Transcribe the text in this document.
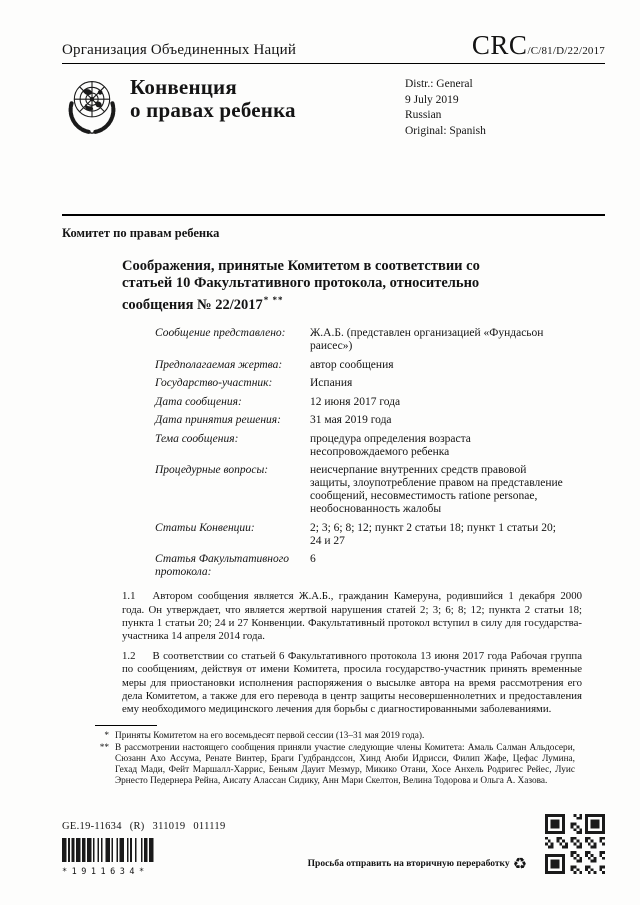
Организация Объединенных Наций	CRC/C/81/D/22/2017
Конвенция
о правах ребенка
Distr.: General
9 July 2019
Russian
Original: Spanish
Комитет по правам ребенка
Соображения, принятые Комитетом в соответствии со статьей 10 Факультативного протокола, относительно сообщения № 22/2017* **
Сообщение представлено:	Ж.А.Б. (представлен организацией «Фундасьон раисес»)
Предполагаемая жертва:	автор сообщения
Государство-участник:	Испания
Дата сообщения:	12 июня 2017 года
Дата принятия решения:	31 мая 2019 года
Тема сообщения:	процедура определения возраста несопровождаемого ребенка
Процедурные вопросы:	неисчерпание внутренних средств правовой защиты, злоупотребление правом на представление сообщений, несовместимость ratione personae, необоснованность жалобы
Статьи Конвенции:	2; 3; 6; 8; 12; пункт 2 статьи 18; пункт 1 статьи 20; 24 и 27
Статья Факультативного протокола:
6

1.1 Автором сообщения является Ж.А.Б., гражданин Камеруна, родившийся 1 декабря 2000 года. Он утверждает, что является жертвой нарушения статей 2; 3; 6; 8; 12; пункта 2 статьи 18; пункта 1 статьи 20; 24 и 27 Конвенции. Факультативный протокол вступил в силу для государства-участника 14 апреля 2014 года.

1.2 В соответствии со статьей 6 Факультативного протокола 13 июня 2017 года Рабочая группа по сообщениям, действуя от имени Комитета, просила государство-участник принять временные меры для приостановки исполнения распоряжения о высылке автора на время рассмотрения его дела Комитетом, а также для его перевода в центр защиты несовершеннолетних и предоставления ему необходимого медицинского лечения для борьбы с диагностированными заболеваниями.

* Приняты Комитетом на его восемьдесят первой сессии (13–31 мая 2019 года).
** В рассмотрении настоящего сообщения приняли участие следующие члены Комитета: Амаль Салман Альдосери, Сюзанн Ахо Ассума, Ренате Винтер, Браги Гудбрандссон, Хинд Аюби Идрисси, Филип Жафе, Цефас Лумина, Гехад Мади, Фейт Маршалл-Харрис, Беньям Дауит Мезмур, Микико Отани, Хосе Анхель Родригес Рейес, Луис Эрнесто Педернера Рейна, Аисату Алассан Сидику, Анн Мари Скелтон, Велина Тодорова и Ольга А. Хазова.
GE.19-11634 (R) 311019 011119
*1911634*
Просьба отправить на вторичную переработку ♻
